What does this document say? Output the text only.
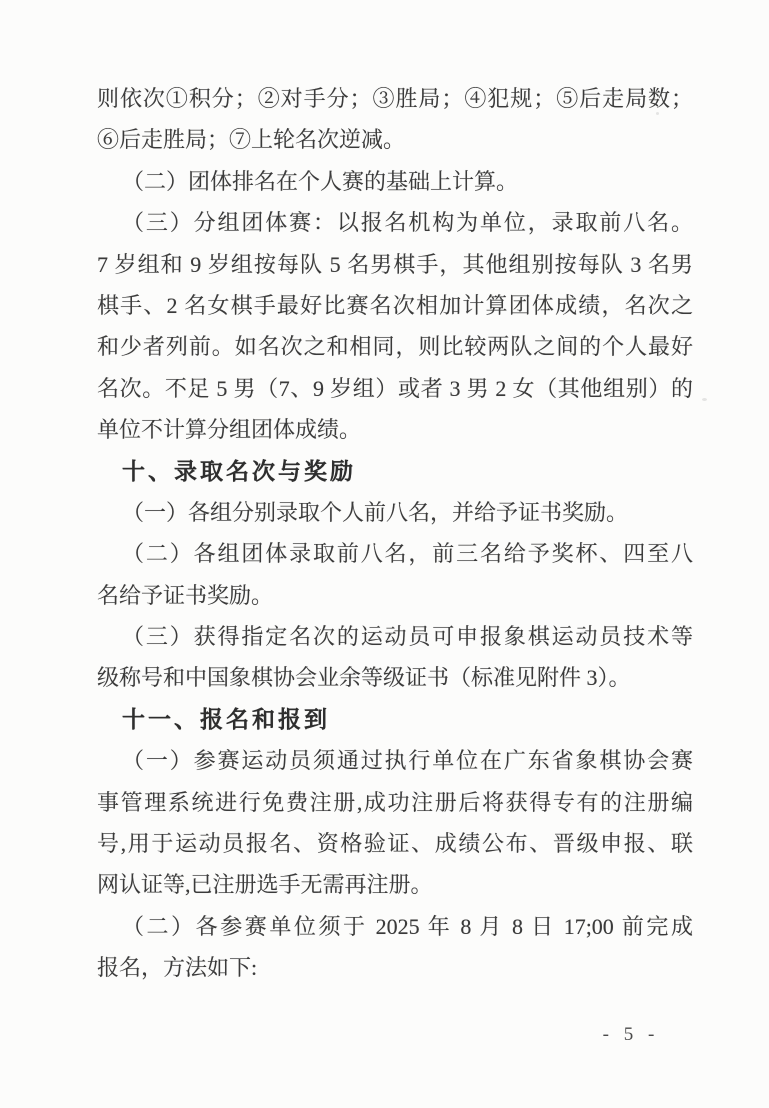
则依次①积分；②对手分；③胜局；④犯规；⑤后走局数；
⑥后走胜局；⑦上轮名次逆减。
（二）团体排名在个人赛的基础上计算。
（三）分组团体赛：以报名机构为单位，录取前八名。
7 岁组和 9 岁组按每队 5 名男棋手，其他组别按每队 3 名男
棋手、2 名女棋手最好比赛名次相加计算团体成绩，名次之
和少者列前。如名次之和相同，则比较两队之间的个人最好
名次。不足 5 男（7、9 岁组）或者 3 男 2 女（其他组别）的
单位不计算分组团体成绩。
十、录取名次与奖励
（一）各组分别录取个人前八名，并给予证书奖励。
（二）各组团体录取前八名，前三名给予奖杯、四至八
名给予证书奖励。
（三）获得指定名次的运动员可申报象棋运动员技术等
级称号和中国象棋协会业余等级证书（标准见附件 3）。
十一、报名和报到
（一）参赛运动员须通过执行单位在广东省象棋协会赛
事管理系统进行免费注册,成功注册后将获得专有的注册编
号,用于运动员报名、资格验证、成绩公布、晋级申报、联
网认证等,已注册选手无需再注册。
（二）各参赛单位须于 2025 年 8 月 8 日 17;00 前完成
报名，方法如下:
- 5 -
